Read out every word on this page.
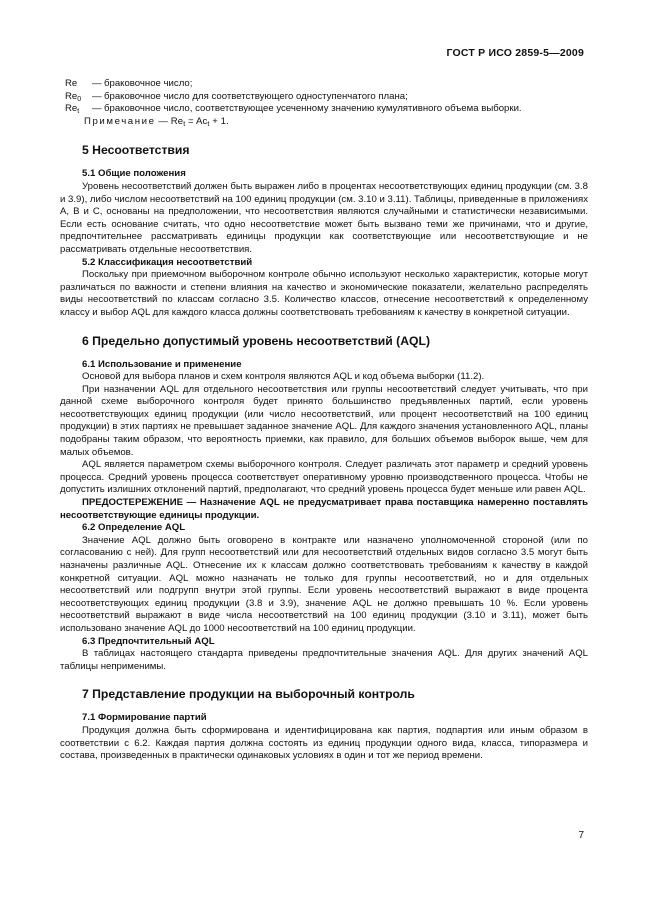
ГОСТ Р ИСО 2859-5—2009
Re	— браковочное число;
$Re_0$	— браковочное число для соответствующего одноступенчатого плана;
$Re_t$	— браковочное число, соответствующее усеченному значению кумулятивного объема выборки.
Примечание — $Re_t = Ac_t + 1$.
5 Несоответствия
5.1 Общие положения

Уровень несоответствий должен быть выражен либо в процентах несоответствующих единиц продукции (см. 3.8 и 3.9), либо числом несоответствий на 100 единиц продукции (см. 3.10 и 3.11). Таблицы, приведенные в приложениях А, В и С, основаны на предположении, что несоответствия являются случайными и статистически независимыми. Если есть основание считать, что одно несоответствие может быть вызвано теми же причинами, что и другие, предпочтительнее рассматривать единицы продукции как соответствующие или несоответствующие и не рассматривать отдельные несоответствия.

5.2 Классификация несоответствий

Поскольку при приемочном выборочном контроле обычно используют несколько характеристик, которые могут различаться по важности и степени влияния на качество и экономические показатели, желательно распределять виды несоответствий по классам согласно 3.5. Количество классов, отнесение несоответствий к определенному классу и выбор AQL для каждого класса должны соответствовать требованиям к качеству в конкретной ситуации.

6 Предельно допустимый уровень несоответствий (AQL)
6.1 Использование и применение

Основой для выбора планов и схем контроля являются AQL и код объема выборки (11.2).

При назначении AQL для отдельного несоответствия или группы несоответствий следует учитывать, что при данной схеме выборочного контроля будет принято большинство предъявленных партий, если уровень несоответствующих единиц продукции (или число несоответствий, или процент несоответствий на 100 единиц продукции) в этих партиях не превышает заданное значение AQL. Для каждого значения установленного AQL, планы подобраны таким образом, что вероятность приемки, как правило, для больших объемов выборок выше, чем для малых объемов.

AQL является параметром схемы выборочного контроля. Следует различать этот параметр и средний уровень процесса. Средний уровень процесса соответствует оперативному уровню производственного процесса. Чтобы не допустить излишних отклонений партий, предполагают, что средний уровень процесса будет меньше или равен AQL.

ПРЕДОСТЕРЕЖЕНИЕ — Назначение AQL не предусматривает права поставщика намеренно поставлять несоответствующие единицы продукции.

6.2 Определение AQL

Значение AQL должно быть оговорено в контракте или назначено уполномоченной стороной (или по согласованию с ней). Для групп несоответствий или для несоответствий отдельных видов согласно 3.5 могут быть назначены различные AQL. Отнесение их к классам должно соответствовать требованиям к качеству в каждой конкретной ситуации. AQL можно назначать не только для группы несоответствий, но и для отдельных несоответствий или подгрупп внутри этой группы. Если уровень несоответствий выражают в виде процента несоответствующих единиц продукции (3.8 и 3.9), значение AQL не должно превышать 10 %. Если уровень несоответствий выражают в виде числа несоответствий на 100 единиц продукции (3.10 и 3.11), может быть использовано значение AQL до 1000 несоответствий на 100 единиц продукции.

6.3 Предпочтительный AQL

В таблицах настоящего стандарта приведены предпочтительные значения AQL. Для других значений AQL таблицы неприменимы.

7 Представление продукции на выборочный контроль
7.1 Формирование партий

Продукция должна быть сформирована и идентифицирована как партия, подпартия или иным образом в соответствии с 6.2. Каждая партия должна состоять из единиц продукции одного вида, класса, типоразмера и состава, произведенных в практически одинаковых условиях в один и тот же период времени.

7
